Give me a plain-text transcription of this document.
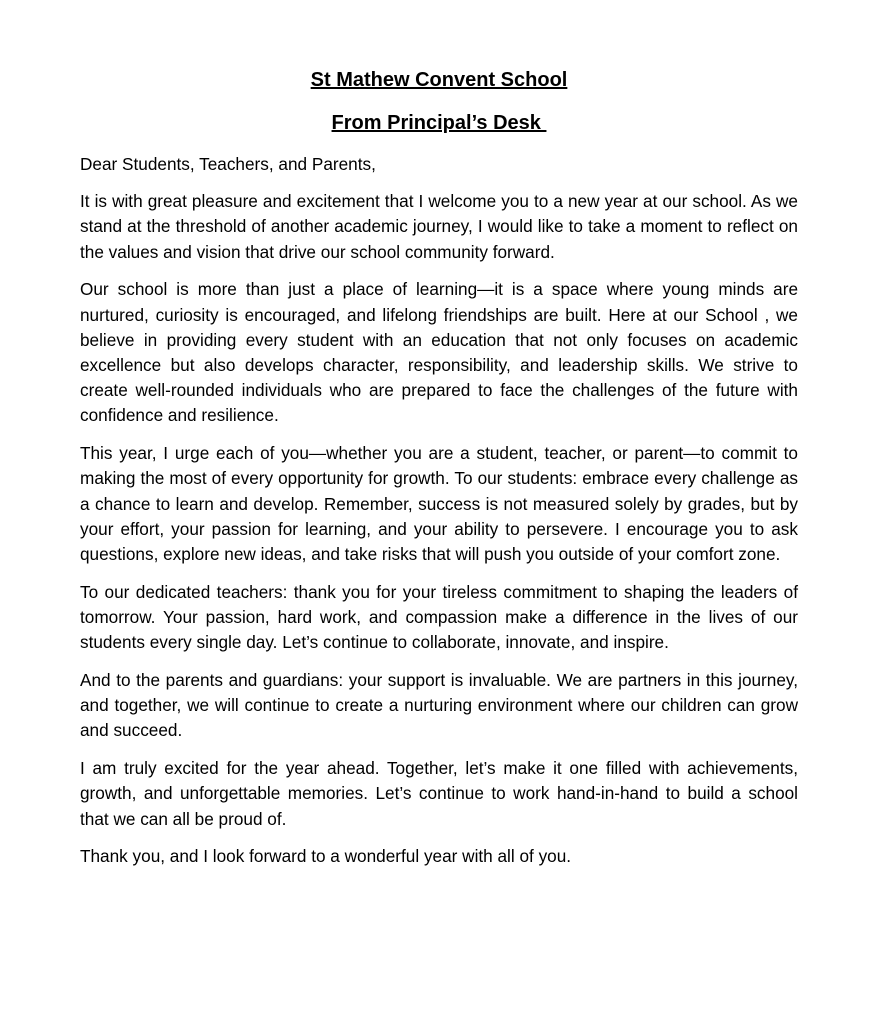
St Mathew Convent School
From Principal’s Desk

Dear Students, Teachers, and Parents,

It is with great pleasure and excitement that I welcome you to a new year at our school. As we stand at the threshold of another academic journey, I would like to take a moment to reflect on the values and vision that drive our school community forward.

Our school is more than just a place of learning—it is a space where young minds are nurtured, curiosity is encouraged, and lifelong friendships are built. Here at our School , we believe in providing every student with an education that not only focuses on academic excellence but also develops character, responsibility, and leadership skills. We strive to create well-rounded individuals who are prepared to face the challenges of the future with confidence and resilience.

This year, I urge each of you—whether you are a student, teacher, or parent—to commit to making the most of every opportunity for growth. To our students: embrace every challenge as a chance to learn and develop. Remember, success is not measured solely by grades, but by your effort, your passion for learning, and your ability to persevere. I encourage you to ask questions, explore new ideas, and take risks that will push you outside of your comfort zone.

To our dedicated teachers: thank you for your tireless commitment to shaping the leaders of tomorrow. Your passion, hard work, and compassion make a difference in the lives of our students every single day. Let’s continue to collaborate, innovate, and inspire.

And to the parents and guardians: your support is invaluable. We are partners in this journey, and together, we will continue to create a nurturing environment where our children can grow and succeed.

I am truly excited for the year ahead. Together, let’s make it one filled with achievements, growth, and unforgettable memories. Let’s continue to work hand-in-hand to build a school that we can all be proud of.

Thank you, and I look forward to a wonderful year with all of you.
